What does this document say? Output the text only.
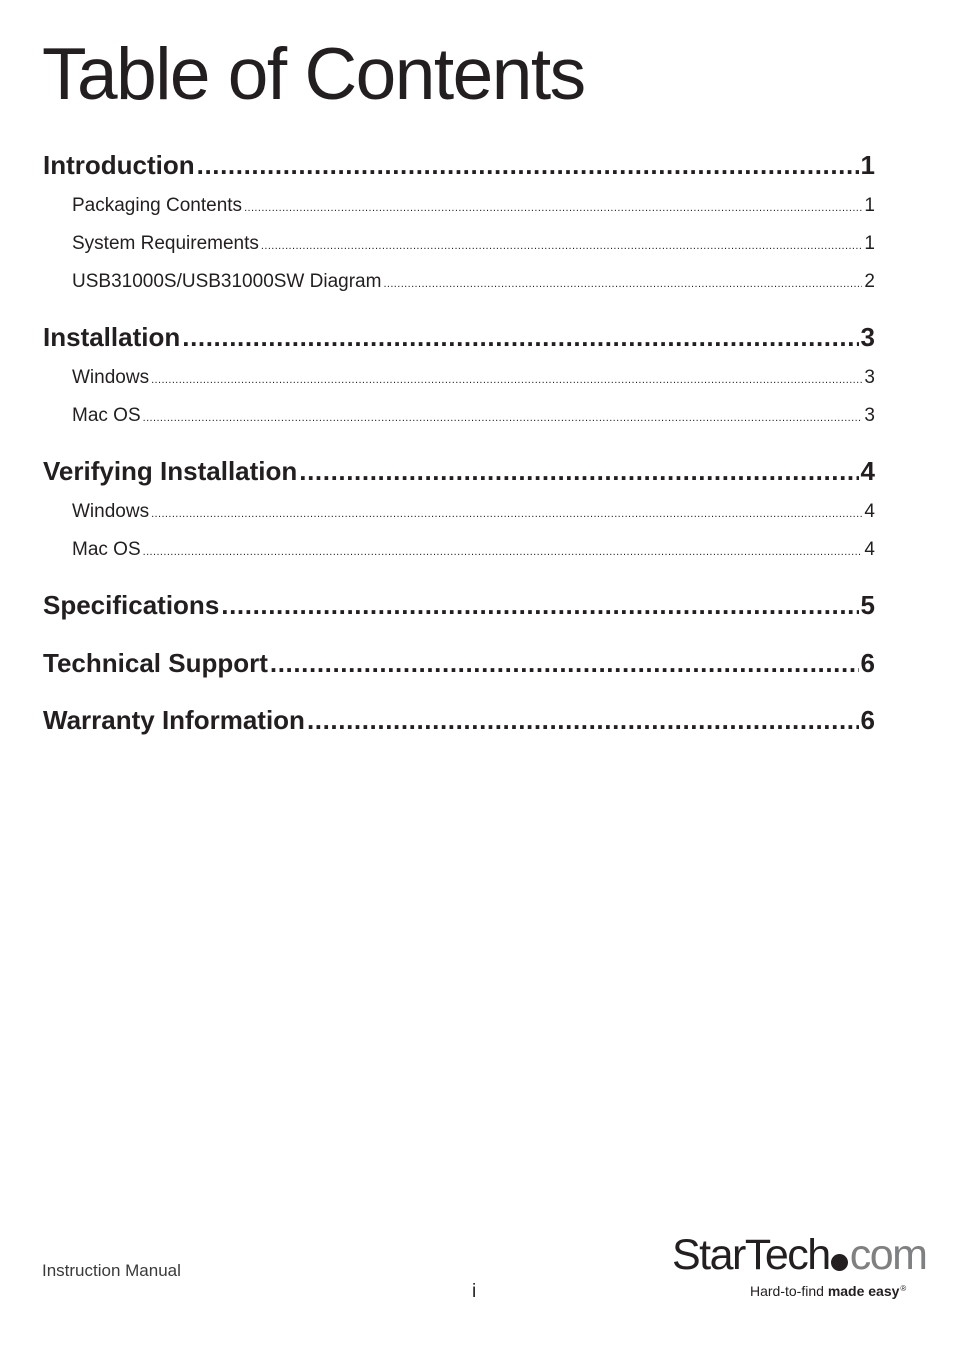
Table of Contents
Introduction .....	1
Packaging Contents .....	1
System Requirements .....	1
USB31000S/USB31000SW Diagram .....	2
Installation .....	3
Windows .....	3
Mac OS .....	3
Verifying Installation .....	4
Windows .....	4
Mac OS .....	4
Specifications .....	5
Technical Support .....	6
Warranty Information .....	6
Instruction Manual
i
StarTech com
Hard-to-find made easy®
